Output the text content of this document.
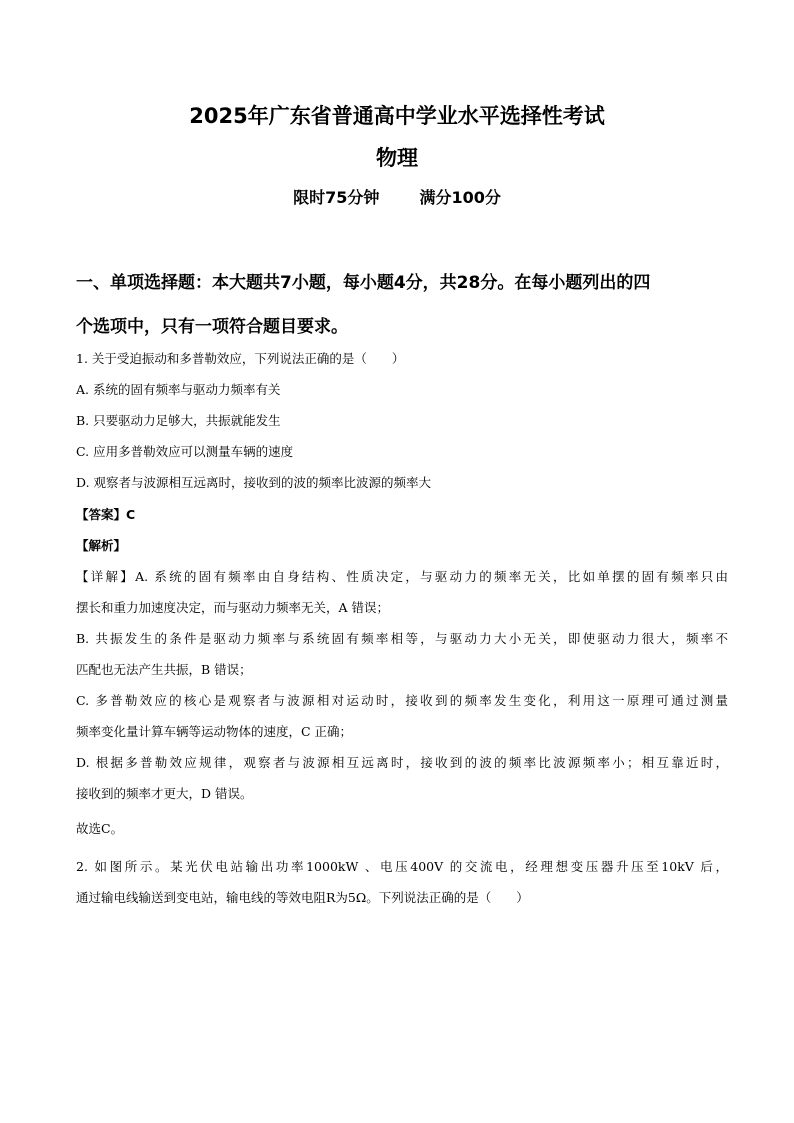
2025年广东省普通高中学业水平选择性考试
物理
限时75分钟	满分100分
一、单项选择题：本大题共7小题，每小题4分，共28分。在每小题列出的四
个选项中，只有一项符合题目要求。
1. 关于受迫振动和多普勒效应，下列说法正确的是（　　）
A. 系统的固有频率与驱动力频率有关
B. 只要驱动力足够大，共振就能发生
C. 应用多普勒效应可以测量车辆的速度
D. 观察者与波源相互远离时，接收到的波的频率比波源的频率大
【答案】C
【解析】
【详解】A. 系统的固有频率由自身结构、性质决定，与驱动力的频率无关，比如单摆的固有频率只由
摆长和重力加速度决定，而与驱动力频率无关，A 错误；
B. 共振发生的条件是驱动力频率与系统固有频率相等，与驱动力大小无关，即使驱动力很大，频率不
匹配也无法产生共振，B 错误；
C. 多普勒效应的核心是观察者与波源相对运动时，接收到的频率发生变化，利用这一原理可通过测量
频率变化量计算车辆等运动物体的速度，C 正确；
D. 根据多普勒效应规律，观察者与波源相互远离时，接收到的波的频率比波源频率小；相互靠近时，
接收到的频率才更大，D 错误。
故选C。
2. 如图所示。某光伏电站输出功率1000kW 、电压400V 的交流电，经理想变压器升压至10kV 后，
通过输电线输送到变电站，输电线的等效电阻R为5Ω。下列说法正确的是（　　）
